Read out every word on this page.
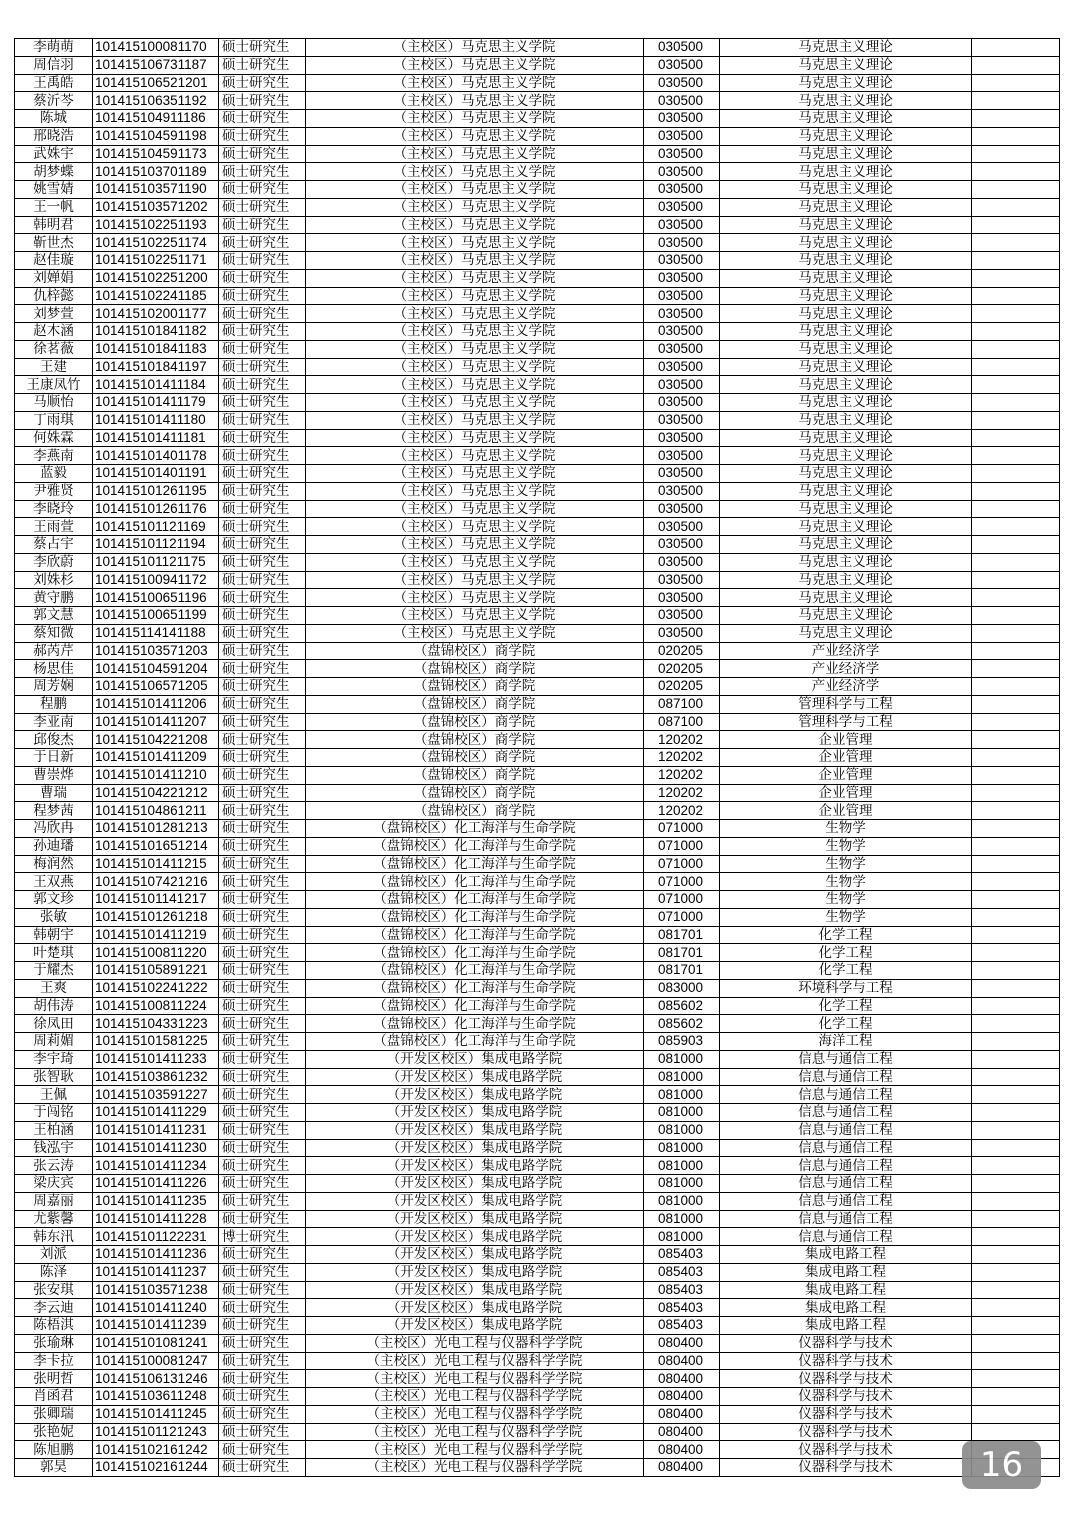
李萌萌	101415100081170	硕士研究生	（主校区）马克思主义学院	030500	马克思主义理论	
周信羽	101415106731187	硕士研究生	（主校区）马克思主义学院	030500	马克思主义理论	
王禹皓	101415106521201	硕士研究生	（主校区）马克思主义学院	030500	马克思主义理论	
蔡沂芩	101415106351192	硕士研究生	（主校区）马克思主义学院	030500	马克思主义理论	
陈城	101415104911186	硕士研究生	（主校区）马克思主义学院	030500	马克思主义理论	
邢晓浩	101415104591198	硕士研究生	（主校区）马克思主义学院	030500	马克思主义理论	
武姝宇	101415104591173	硕士研究生	（主校区）马克思主义学院	030500	马克思主义理论	
胡梦蝶	101415103701189	硕士研究生	（主校区）马克思主义学院	030500	马克思主义理论	
姚雪婧	101415103571190	硕士研究生	（主校区）马克思主义学院	030500	马克思主义理论	
王一帆	101415103571202	硕士研究生	（主校区）马克思主义学院	030500	马克思主义理论	
韩明君	101415102251193	硕士研究生	（主校区）马克思主义学院	030500	马克思主义理论	
靳世杰	101415102251174	硕士研究生	（主校区）马克思主义学院	030500	马克思主义理论	
赵佳璇	101415102251171	硕士研究生	（主校区）马克思主义学院	030500	马克思主义理论	
刘婵娟	101415102251200	硕士研究生	（主校区）马克思主义学院	030500	马克思主义理论	
仇梓懿	101415102241185	硕士研究生	（主校区）马克思主义学院	030500	马克思主义理论	
刘梦萱	101415102001177	硕士研究生	（主校区）马克思主义学院	030500	马克思主义理论	
赵木涵	101415101841182	硕士研究生	（主校区）马克思主义学院	030500	马克思主义理论	
徐茗薇	101415101841183	硕士研究生	（主校区）马克思主义学院	030500	马克思主义理论	
王建	101415101841197	硕士研究生	（主校区）马克思主义学院	030500	马克思主义理论	
王康凤竹	101415101411184	硕士研究生	（主校区）马克思主义学院	030500	马克思主义理论	
马顺怡	101415101411179	硕士研究生	（主校区）马克思主义学院	030500	马克思主义理论	
丁雨琪	101415101411180	硕士研究生	（主校区）马克思主义学院	030500	马克思主义理论	
何姝霖	101415101411181	硕士研究生	（主校区）马克思主义学院	030500	马克思主义理论	
李燕南	101415101401178	硕士研究生	（主校区）马克思主义学院	030500	马克思主义理论	
蓝毅	101415101401191	硕士研究生	（主校区）马克思主义学院	030500	马克思主义理论	
尹雅贤	101415101261195	硕士研究生	（主校区）马克思主义学院	030500	马克思主义理论	
李晓玲	101415101261176	硕士研究生	（主校区）马克思主义学院	030500	马克思主义理论	
王雨萱	101415101121169	硕士研究生	（主校区）马克思主义学院	030500	马克思主义理论	
蔡占宇	101415101121194	硕士研究生	（主校区）马克思主义学院	030500	马克思主义理论	
李欣蔚	101415101121175	硕士研究生	（主校区）马克思主义学院	030500	马克思主义理论	
刘姝杉	101415100941172	硕士研究生	（主校区）马克思主义学院	030500	马克思主义理论	
黄守鹏	101415100651196	硕士研究生	（主校区）马克思主义学院	030500	马克思主义理论	
郭文慧	101415100651199	硕士研究生	（主校区）马克思主义学院	030500	马克思主义理论	
蔡知微	101415114141188	硕士研究生	（主校区）马克思主义学院	030500	马克思主义理论	
郝芮芹	101415103571203	硕士研究生	（盘锦校区）商学院	020205	产业经济学	
杨思佳	101415104591204	硕士研究生	（盘锦校区）商学院	020205	产业经济学	
周芳娴	101415106571205	硕士研究生	（盘锦校区）商学院	020205	产业经济学	
程鹏	101415101411206	硕士研究生	（盘锦校区）商学院	087100	管理科学与工程	
李亚南	101415101411207	硕士研究生	（盘锦校区）商学院	087100	管理科学与工程	
邱俊杰	101415104221208	硕士研究生	（盘锦校区）商学院	120202	企业管理	
于日新	101415101411209	硕士研究生	（盘锦校区）商学院	120202	企业管理	
曹崇烨	101415101411210	硕士研究生	（盘锦校区）商学院	120202	企业管理	
曹瑞	101415104221212	硕士研究生	（盘锦校区）商学院	120202	企业管理	
程梦茜	101415104861211	硕士研究生	（盘锦校区）商学院	120202	企业管理	
冯欣冉	101415101281213	硕士研究生	（盘锦校区）化工海洋与生命学院	071000	生物学	
孙迪璠	101415101651214	硕士研究生	（盘锦校区）化工海洋与生命学院	071000	生物学	
梅润然	101415101411215	硕士研究生	（盘锦校区）化工海洋与生命学院	071000	生物学	
王双燕	101415107421216	硕士研究生	（盘锦校区）化工海洋与生命学院	071000	生物学	
郭文珍	101415101141217	硕士研究生	（盘锦校区）化工海洋与生命学院	071000	生物学	
张敏	101415101261218	硕士研究生	（盘锦校区）化工海洋与生命学院	071000	生物学	
韩朝宇	101415101411219	硕士研究生	（盘锦校区）化工海洋与生命学院	081701	化学工程	
叶楚琪	101415100811220	硕士研究生	（盘锦校区）化工海洋与生命学院	081701	化学工程	
于耀杰	101415105891221	硕士研究生	（盘锦校区）化工海洋与生命学院	081701	化学工程	
王爽	101415102241222	硕士研究生	（盘锦校区）化工海洋与生命学院	083000	环境科学与工程	
胡伟涛	101415100811224	硕士研究生	（盘锦校区）化工海洋与生命学院	085602	化学工程	
徐凤田	101415104331223	硕士研究生	（盘锦校区）化工海洋与生命学院	085602	化学工程	
周莉媚	101415101581225	硕士研究生	（盘锦校区）化工海洋与生命学院	085903	海洋工程	
李宇琦	101415101411233	硕士研究生	（开发区校区）集成电路学院	081000	信息与通信工程	
张智耿	101415103861232	硕士研究生	（开发区校区）集成电路学院	081000	信息与通信工程	
王佩	101415103591227	硕士研究生	（开发区校区）集成电路学院	081000	信息与通信工程	
于闯铭	101415101411229	硕士研究生	（开发区校区）集成电路学院	081000	信息与通信工程	
王柏涵	101415101411231	硕士研究生	（开发区校区）集成电路学院	081000	信息与通信工程	
钱泓宇	101415101411230	硕士研究生	（开发区校区）集成电路学院	081000	信息与通信工程	
张云涛	101415101411234	硕士研究生	（开发区校区）集成电路学院	081000	信息与通信工程	
梁庆宾	101415101411226	硕士研究生	（开发区校区）集成电路学院	081000	信息与通信工程	
周嘉丽	101415101411235	硕士研究生	（开发区校区）集成电路学院	081000	信息与通信工程	
尤紫馨	101415101411228	硕士研究生	（开发区校区）集成电路学院	081000	信息与通信工程	
韩东汛	101415101122231	博士研究生	（开发区校区）集成电路学院	081000	信息与通信工程	
刘派	101415101411236	硕士研究生	（开发区校区）集成电路学院	085403	集成电路工程	
陈泽	101415101411237	硕士研究生	（开发区校区）集成电路学院	085403	集成电路工程	
张安琪	101415103571238	硕士研究生	（开发区校区）集成电路学院	085403	集成电路工程	
李云迪	101415101411240	硕士研究生	（开发区校区）集成电路学院	085403	集成电路工程	
陈梧淇	101415101411239	硕士研究生	（开发区校区）集成电路学院	085403	集成电路工程	
张瑜琳	101415101081241	硕士研究生	（主校区）光电工程与仪器科学学院	080400	仪器科学与技术	
李卡拉	101415100081247	硕士研究生	（主校区）光电工程与仪器科学学院	080400	仪器科学与技术	
张明哲	101415106131246	硕士研究生	（主校区）光电工程与仪器科学学院	080400	仪器科学与技术	
肖函君	101415103611248	硕士研究生	（主校区）光电工程与仪器科学学院	080400	仪器科学与技术	
张卿瑞	101415101411245	硕士研究生	（主校区）光电工程与仪器科学学院	080400	仪器科学与技术	
张艳妮	101415101121243	硕士研究生	（主校区）光电工程与仪器科学学院	080400	仪器科学与技术	
陈旭鹏	101415102161242	硕士研究生	（主校区）光电工程与仪器科学学院	080400	仪器科学与技术	
郭昊	101415102161244	硕士研究生	（主校区）光电工程与仪器科学学院	080400	仪器科学与技术		16
